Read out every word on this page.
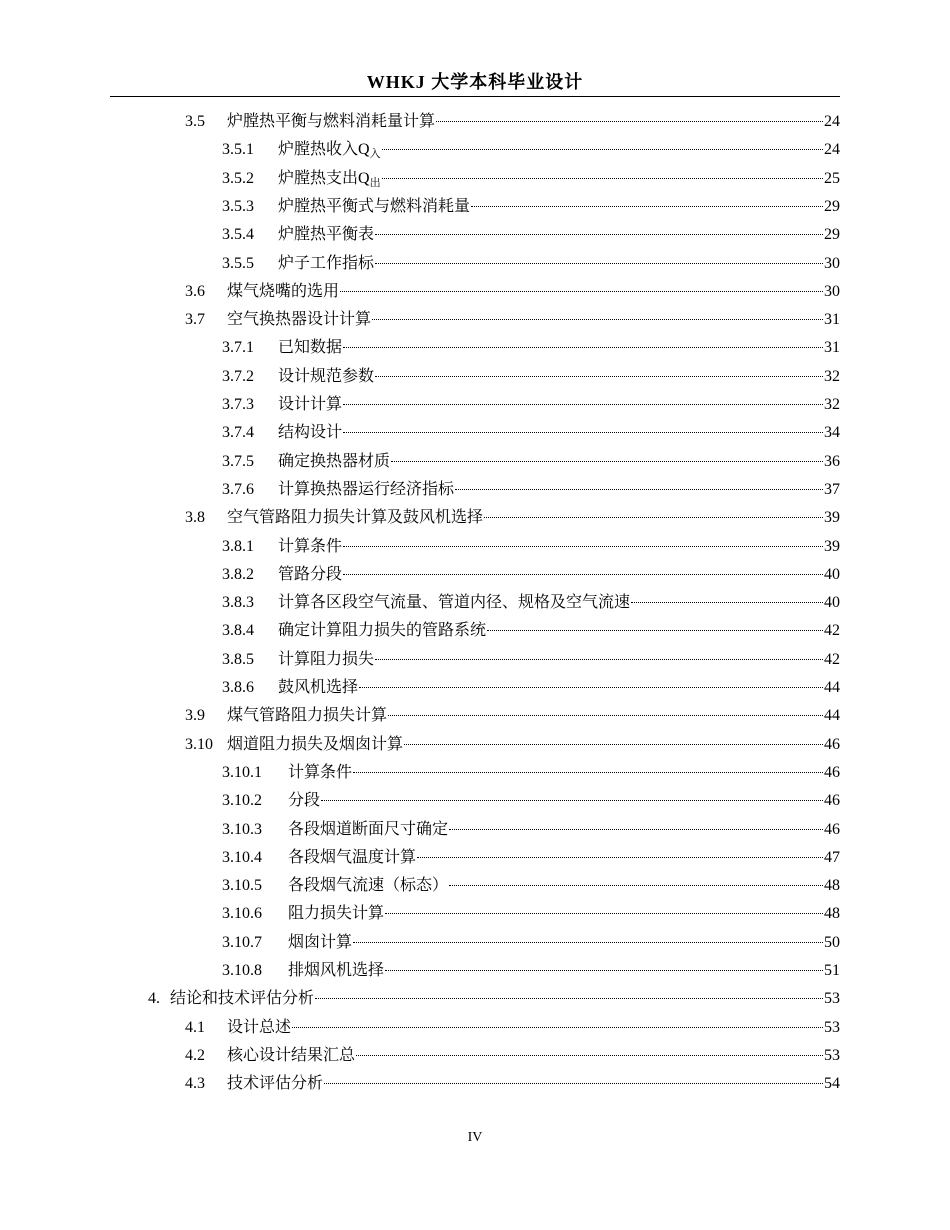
WHKJ 大学本科毕业设计
3.5	炉膛热平衡与燃料消耗量计算	24
3.5.1	炉膛热收入$Q_入$	24
3.5.2	炉膛热支出$Q_出$	25
3.5.3	炉膛热平衡式与燃料消耗量	29
3.5.4	炉膛热平衡表	29
3.5.5	炉子工作指标	30
3.6	煤气烧嘴的选用	30
3.7	空气换热器设计计算	31
3.7.1	已知数据	31
3.7.2	设计规范参数	32
3.7.3	设计计算	32
3.7.4	结构设计	34
3.7.5	确定换热器材质	36
3.7.6	计算换热器运行经济指标	37
3.8	空气管路阻力损失计算及鼓风机选择	39
3.8.1	计算条件	39
3.8.2	管路分段	40
3.8.3	计算各区段空气流量、管道内径、规格及空气流速	40
3.8.4	确定计算阻力损失的管路系统	42
3.8.5	计算阻力损失	42
3.8.6	鼓风机选择	44
3.9	煤气管路阻力损失计算	44
3.10 烟道阻力损失及烟囱计算	46
3.10.1	计算条件	46
3.10.2	分段	46
3.10.3	各段烟道断面尺寸确定	46
3.10.4	各段烟气温度计算	47
3.10.5	各段烟气流速（标态）	48
3.10.6	阻力损失计算	48
3.10.7	烟囱计算	50
3.10.8	排烟风机选择	51
4. 结论和技术评估分析	53
4.1	设计总述	53
4.2	核心设计结果汇总	53
4.3	技术评估分析	54
IV
